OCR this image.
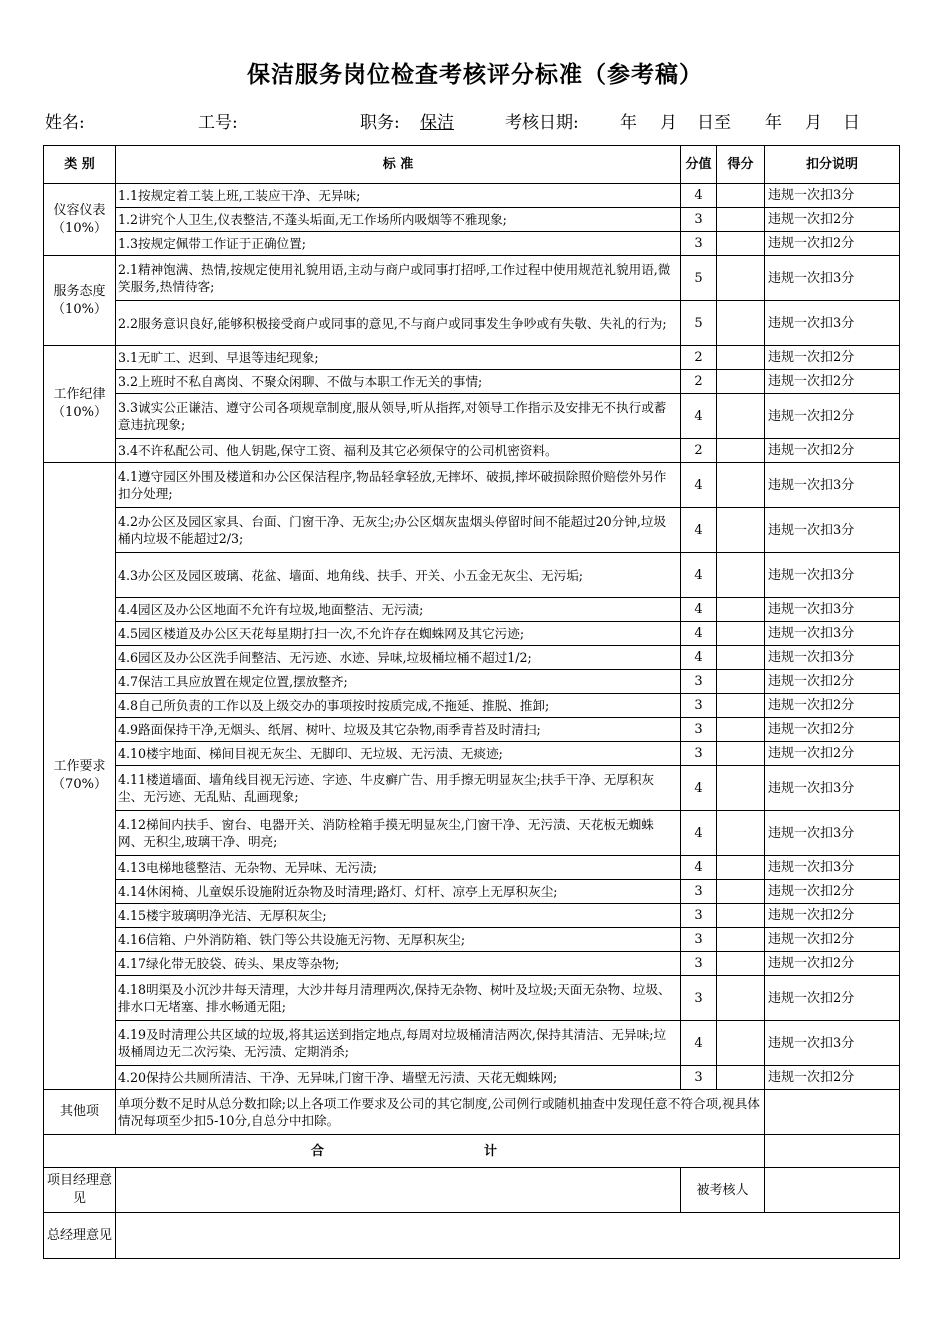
保洁服务岗位检查考核评分标准（参考稿）
姓名:	工号:	职务:	保洁	考核日期: 年 月 日至 年 月 日
类 别	标 准	分值	得分	扣分说明

仪容仪表
（10%）	1.1按规定着工装上班,工装应干净、无异味;	4		违规一次扣3分
	1.2讲究个人卫生,仪表整洁,不蓬头垢面,无工作场所内吸烟等不雅现象;	3		违规一次扣2分
	1.3按规定佩带工作证于正确位置;	3		违规一次扣2分

服务态度
（10%）	2.1精神饱满、热情,按规定使用礼貌用语,主动与商户或同事打招呼,工作过程中使用规范礼貌用语,微笑服务,热情待客;	5		违规一次扣3分
	2.2服务意识良好,能够积极接受商户或同事的意见,不与商户或同事发生争吵或有失敬、失礼的行为;	5		违规一次扣3分

工作纪律
（10%）	3.1无旷工、迟到、早退等违纪现象;	2		违规一次扣2分
	3.2上班时不私自离岗、不聚众闲聊、不做与本职工作无关的事情;	2		违规一次扣2分
	3.3诚实公正谦洁、遵守公司各项规章制度,服从领导,听从指挥,对领导工作指示及安排无不执行或蓄意违抗现象;	4		违规一次扣2分
	3.4不许私配公司、他人钥匙,保守工资、福利及其它必须保守的公司机密资料。	2		违规一次扣2分

工作要求
（70%）	4.1遵守园区外围及楼道和办公区保洁程序,物品轻拿轻放,无摔坏、破损,摔坏破损除照价赔偿外另作扣分处理;	4		违规一次扣3分
	4.2办公区及园区家具、台面、门窗干净、无灰尘;办公区烟灰盅烟头停留时间不能超过20分钟,垃圾桶内垃圾不能超过2/3;	4		违规一次扣3分
	4.3办公区及园区玻璃、花盆、墙面、地角线、扶手、开关、小五金无灰尘、无污垢;	4		违规一次扣3分
	4.4园区及办公区地面不允许有垃圾,地面整洁、无污渍;	4		违规一次扣3分
	4.5园区楼道及办公区天花每星期打扫一次,不允许存在蜘蛛网及其它污迹;	4		违规一次扣3分
	4.6园区及办公区洗手间整洁、无污迹、水迹、异味,垃圾桶垃桶不超过1/2;	4		违规一次扣3分
	4.7保洁工具应放置在规定位置,摆放整齐;	3		违规一次扣2分
	4.8自己所负责的工作以及上级交办的事项按时按质完成,不拖延、推脱、推卸;	3		违规一次扣2分
	4.9路面保持干净,无烟头、纸屑、树叶、垃圾及其它杂物,雨季青苔及时清扫;	3		违规一次扣2分
	4.10楼宇地面、梯间目视无灰尘、无脚印、无垃圾、无污渍、无痰迹;	3		违规一次扣2分
	4.11楼道墙面、墙角线目视无污迹、字迹、牛皮癣广告、用手擦无明显灰尘;扶手干净、无厚积灰尘、无污迹、无乱贴、乱画现象;	4		违规一次扣3分
	4.12梯间内扶手、窗台、电器开关、消防栓箱手摸无明显灰尘,门窗干净、无污渍、天花板无蜘蛛网、无积尘,玻璃干净、明亮;	4		违规一次扣3分
	4.13电梯地毯整洁、无杂物、无异味、无污渍;	4		违规一次扣3分
	4.14休闲椅、儿童娱乐设施附近杂物及时清理;路灯、灯杆、凉亭上无厚积灰尘;	3		违规一次扣2分
	4.15楼宇玻璃明净光洁、无厚积灰尘;	3		违规一次扣2分
	4.16信箱、户外消防箱、铁门等公共设施无污物、无厚积灰尘;	3		违规一次扣2分
	4.17绿化带无胶袋、砖头、果皮等杂物;	3		违规一次扣2分
	4.18明渠及小沉沙井每天清理，大沙井每月清理两次,保持无杂物、树叶及垃圾;天面无杂物、垃圾、排水口无堵塞、排水畅通无阻;	3		违规一次扣2分
	4.19及时清理公共区域的垃圾,将其运送到指定地点,每周对垃圾桶清洁两次,保持其清洁、无异味;垃圾桶周边无二次污染、无污渍、定期消杀;	4		违规一次扣3分
	4.20保持公共厕所清洁、干净、无异味,门窗干净、墙壁无污渍、天花无蜘蛛网;	3		违规一次扣2分
其他项	单项分数不足时从总分数扣除;以上各项工作要求及公司的其它制度,公司例行或随机抽查中发现任意不符合项,视具体情况每项至少扣5-10分,自总分中扣除。			
合 计				
项目经理意见		被考核人		
总经理意见				
